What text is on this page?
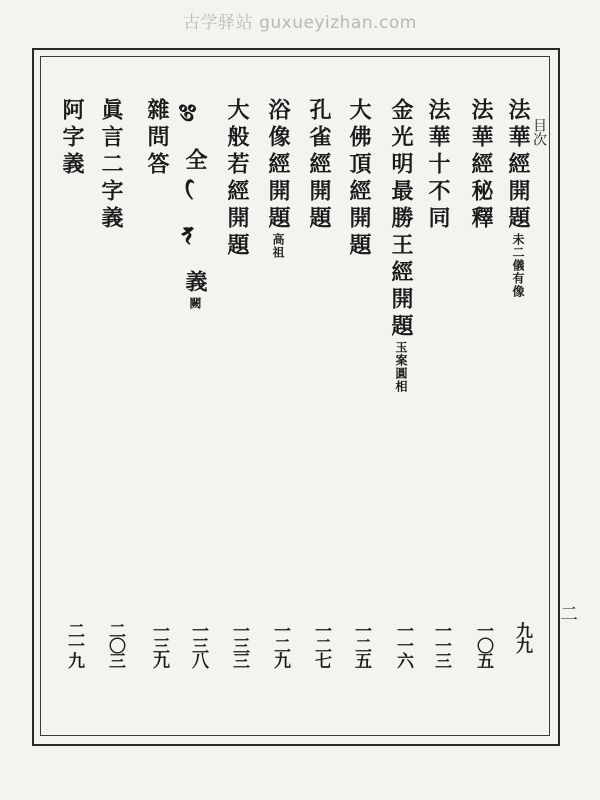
古学驿站 guxueyizhan.com
目次
二
法華經開題未二儀有像
法華經秘釋
法華十不同
金光明最勝王經開題玉案圓相
大佛頂經開題
孔雀經開題
浴像經開題高祖
大般若經開題
𑖂全𑖝𑖰義闕
雜問答
眞言二字義
阿字義
九九
一〇五
一一三
一一六
一二五
一二七
一二九
一三三
一三八
一三九
二〇三
二一九
